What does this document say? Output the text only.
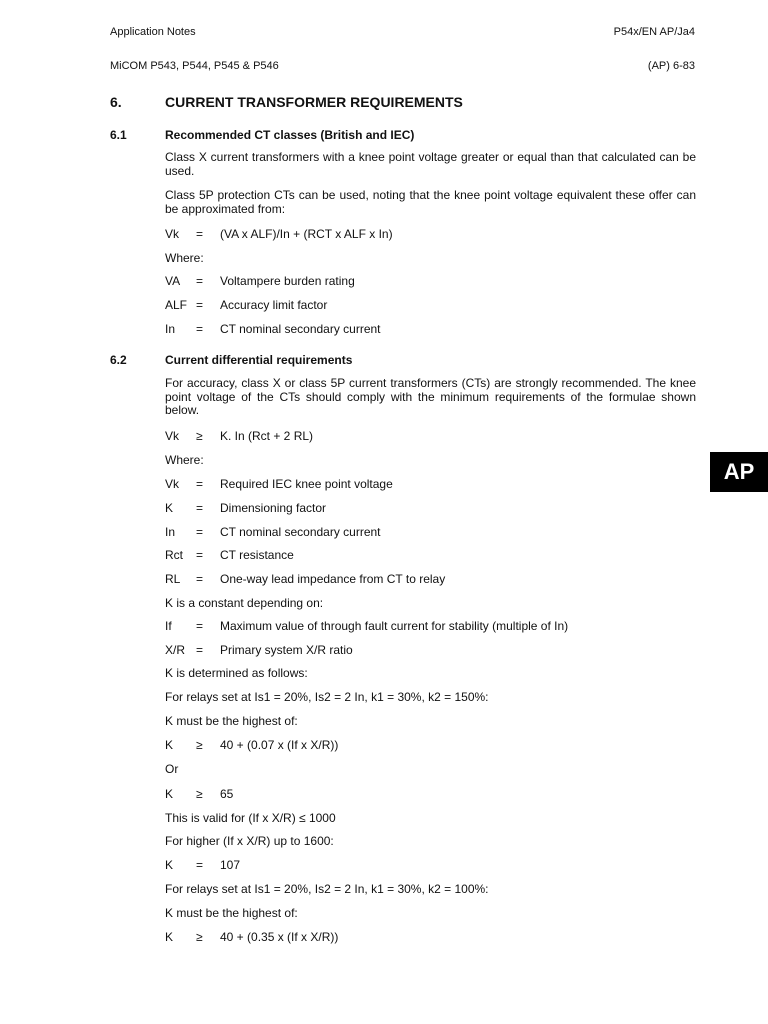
Application Notes	P54x/EN AP/Ja4
MiCOM P543, P544, P545 & P546	(AP) 6-83
6.	CURRENT TRANSFORMER REQUIREMENTS
6.1	Recommended CT classes (British and IEC)

Class X current transformers with a knee point voltage greater or equal than that calculated can be used.

Class 5P protection CTs can be used, noting that the knee point voltage equivalent these offer can be approximated from:

Vk = (VA x ALF)/In + (RCT x ALF x In)
Where:
VA = Voltampere burden rating
ALF = Accuracy limit factor
In = CT nominal secondary current
6.2	Current differential requirements

For accuracy, class X or class 5P current transformers (CTs) are strongly recommended. The knee point voltage of the CTs should comply with the minimum requirements of the formulae shown below.

Vk ≥ K. In (Rct + 2 RL)
Where:
Vk = Required IEC knee point voltage
K = Dimensioning factor
In = CT nominal secondary current
Rct = CT resistance
RL = One-way lead impedance from CT to relay
K is a constant depending on:
If = Maximum value of through fault current for stability (multiple of In)
X/R = Primary system X/R ratio
K is determined as follows:
For relays set at Is1 = 20%, Is2 = 2 In, k1 = 30%, k2 = 150%:
K must be the highest of:
K ≥ 40 + (0.07 x (If x X/R))
Or
K ≥ 65
This is valid for (If x X/R) ≤ 1000
For higher (If x X/R) up to 1600:
K = 107
For relays set at Is1 = 20%, Is2 = 2 In, k1 = 30%, k2 = 100%:
K must be the highest of:
K ≥ 40 + (0.35 x (If x X/R))
AP
